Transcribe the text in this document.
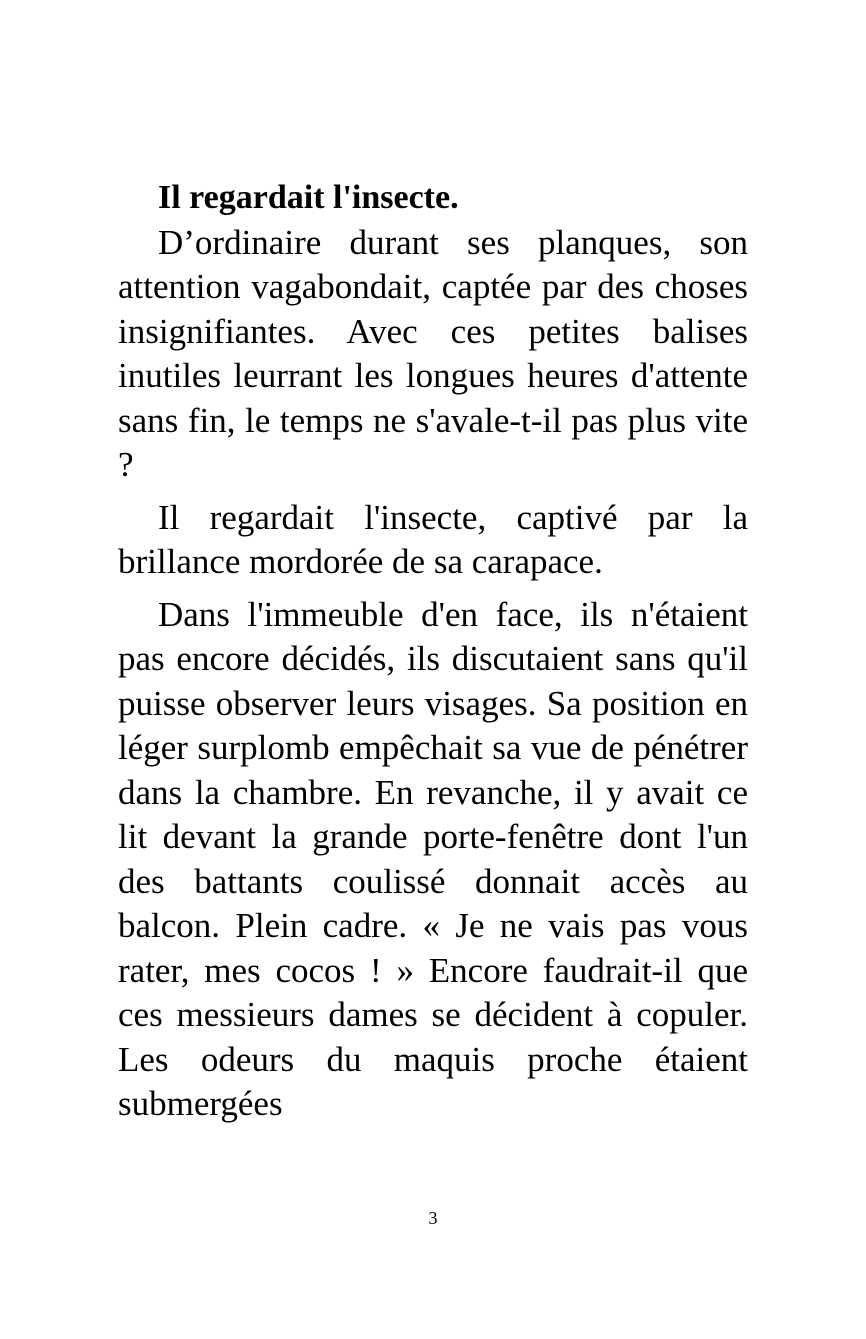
Il regardait l'insecte.

D’ordinaire durant ses planques, son attention vagabondait, captée par des choses insignifiantes. Avec ces petites balises inutiles leurrant les longues heures d'attente sans fin, le temps ne s'avale-t-il pas plus vite ?

Il regardait l'insecte, captivé par la brillance mordorée de sa carapace.

Dans l'immeuble d'en face, ils n'étaient pas encore décidés, ils discutaient sans qu'il puisse observer leurs visages. Sa position en léger surplomb empêchait sa vue de pénétrer dans la chambre. En revanche, il y avait ce lit devant la grande porte-fenêtre dont l'un des battants coulissé donnait accès au balcon. Plein cadre. « Je ne vais pas vous rater, mes cocos ! » Encore faudrait-il que ces messieurs dames se décident à copuler. Les odeurs du maquis proche étaient submergées

3
